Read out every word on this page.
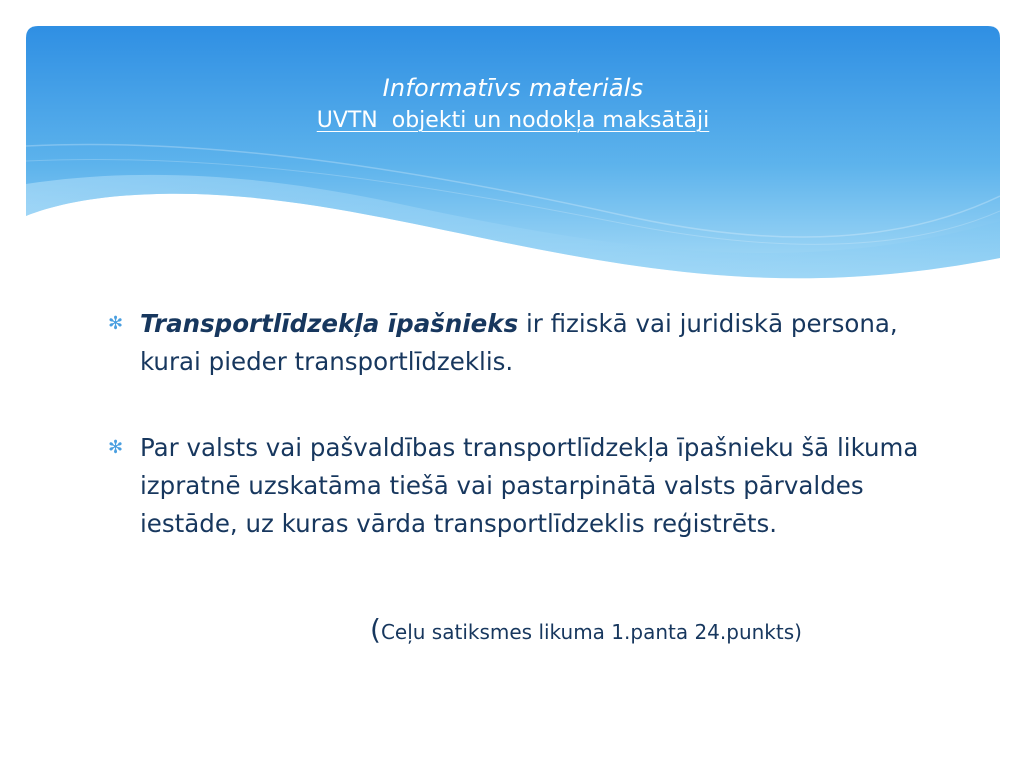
Informatīvs materiāls
UVTN  objekti un nodokļa maksātāji

✻ Transportlīdzekļa īpašnieks ir fiziskā vai juridiskā persona, kurai pieder transportlīdzeklis.

✻ Par valsts vai pašvaldības transportlīdzekļa īpašnieku šā likuma izpratnē uzskatāma tiešā vai pastarpinātā valsts pārvaldes iestāde, uz kuras vārda transportlīdzeklis reģistrēts.

(Ceļu satiksmes likuma 1.panta 24.punkts)
